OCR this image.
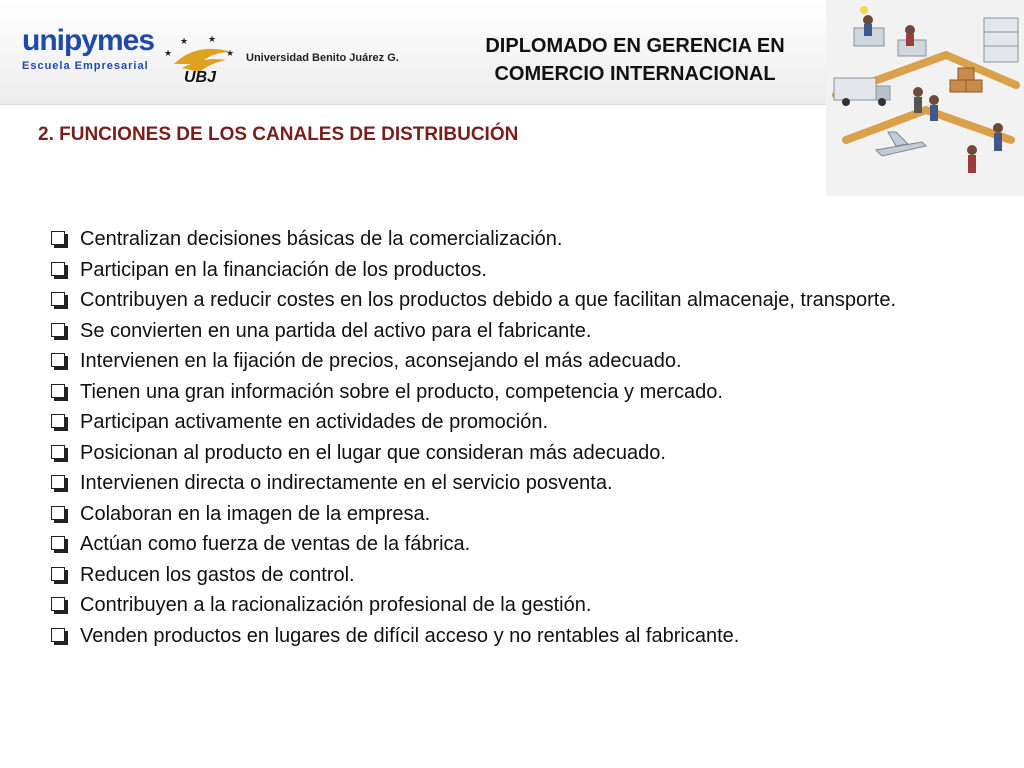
unipymes
Escuela Empresarial
★
★ ★
★
UBJ
Universidad Benito Juárez G.
DIPLOMADO EN GERENCIA EN
COMERCIO INTERNACIONAL
2. FUNCIONES DE LOS CANALES DE DISTRIBUCIÓN
Centralizan decisiones básicas de la comercialización.
Participan en la financiación de los productos.
Contribuyen a reducir costes en los productos debido a que facilitan almacenaje, transporte.
Se convierten en una partida del activo para el fabricante.
Intervienen en la fijación de precios, aconsejando el más adecuado.
Tienen una gran información sobre el producto, competencia y mercado.
Participan activamente en actividades de promoción.
Posicionan al producto en el lugar que consideran más adecuado.
Intervienen directa o indirectamente en el servicio posventa.
Colaboran en la imagen de la empresa.
Actúan como fuerza de ventas de la fábrica.
Reducen los gastos de control.
Contribuyen a la racionalización profesional de la gestión.
Venden productos en lugares de difícil acceso y no rentables al fabricante.
